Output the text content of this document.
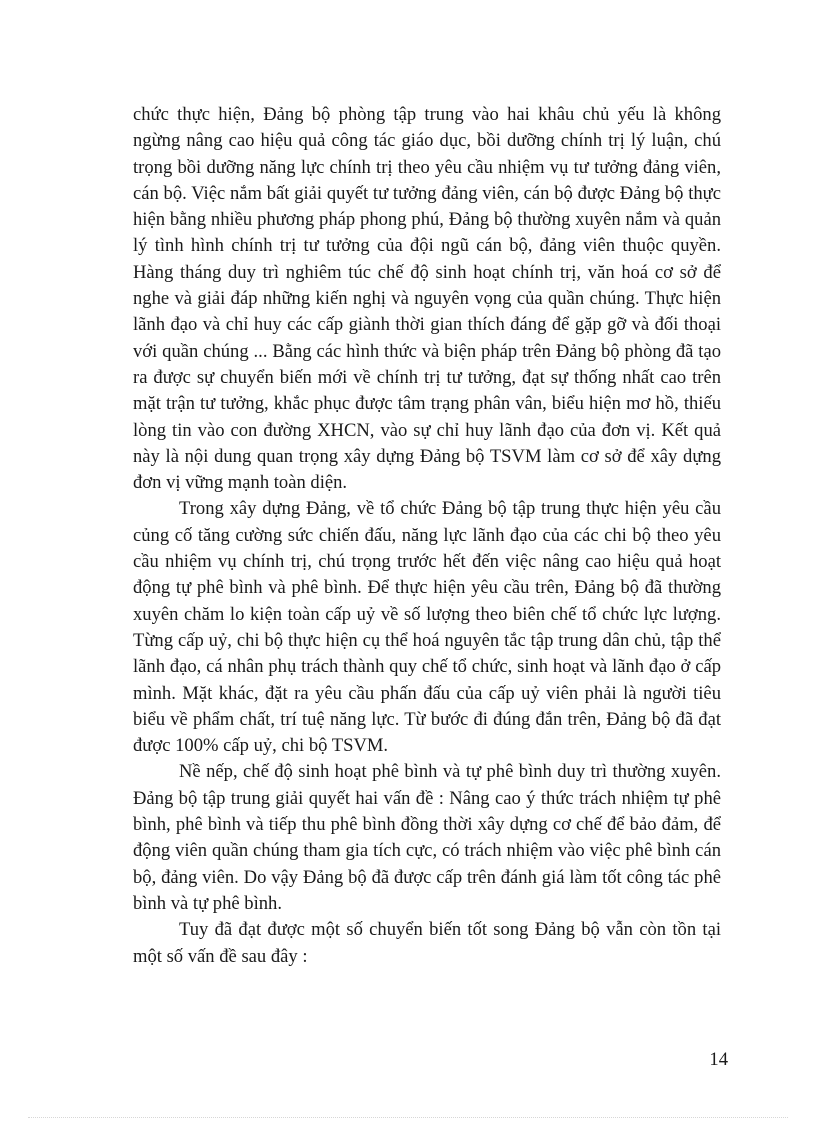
chức thực hiện, Đảng bộ phòng tập trung vào hai khâu chủ yếu là không ngừng nâng cao hiệu quả công tác giáo dục, bồi dưỡng chính trị lý luận, chú trọng bồi dưỡng năng lực chính trị theo yêu cầu nhiệm vụ tư tưởng đảng viên, cán bộ. Việc nắm bất giải quyết tư tưởng đảng viên, cán bộ được Đảng bộ thực hiện bằng nhiều phương pháp phong phú, Đảng bộ thường xuyên nắm và quản lý tình hình chính trị tư tưởng của đội ngũ cán bộ, đảng viên thuộc quyền. Hàng tháng duy trì nghiêm túc chế độ sinh hoạt chính trị, văn hoá cơ sở để nghe và giải đáp những kiến nghị và nguyên vọng của quần chúng. Thực hiện lãnh đạo và chỉ huy các cấp giành thời gian thích đáng để gặp gỡ và đối thoại với quần chúng ... Bằng các hình thức và biện pháp trên Đảng bộ phòng đã tạo ra được sự chuyển biến mới về chính trị tư tưởng, đạt sự thống nhất cao trên mặt trận tư tưởng, khắc phục được tâm trạng phân vân, biểu hiện mơ hồ, thiếu lòng tin vào con đường XHCN, vào sự chỉ huy lãnh đạo của đơn vị. Kết quả này là nội dung quan trọng xây dựng Đảng bộ TSVM làm cơ sở để xây dựng đơn vị vững mạnh toàn diện.

Trong xây dựng Đảng, về tổ chức Đảng bộ tập trung thực hiện yêu cầu củng cố tăng cường sức chiến đấu, năng lực lãnh đạo của các chi bộ theo yêu cầu nhiệm vụ chính trị, chú trọng trước hết đến việc nâng cao hiệu quả hoạt động tự phê bình và phê bình. Để thực hiện yêu cầu trên, Đảng bộ đã thường xuyên chăm lo kiện toàn cấp uỷ về số lượng theo biên chế tổ chức lực lượng. Từng cấp uỷ, chi bộ thực hiện cụ thể hoá nguyên tắc tập trung dân chủ, tập thể lãnh đạo, cá nhân phụ trách thành quy chế tổ chức, sinh hoạt và lãnh đạo ở cấp mình. Mặt khác, đặt ra yêu cầu phấn đấu của cấp uỷ viên phải là người tiêu biểu về phẩm chất, trí tuệ năng lực. Từ bước đi đúng đắn trên, Đảng bộ đã đạt được 100% cấp uỷ, chi bộ TSVM.

Nề nếp, chế độ sinh hoạt phê bình và tự phê bình duy trì thường xuyên. Đảng bộ tập trung giải quyết hai vấn đề : Nâng cao ý thức trách nhiệm tự phê bình, phê bình và tiếp thu phê bình đồng thời xây dựng cơ chế để bảo đảm, để động viên quần chúng tham gia tích cực, có trách nhiệm vào việc phê bình cán bộ, đảng viên. Do vậy Đảng bộ đã được cấp trên đánh giá làm tốt công tác phê bình và tự phê bình.

Tuy đã đạt được một số chuyển biến tốt song Đảng bộ vẫn còn tồn tại một số vấn đề sau đây :

14
